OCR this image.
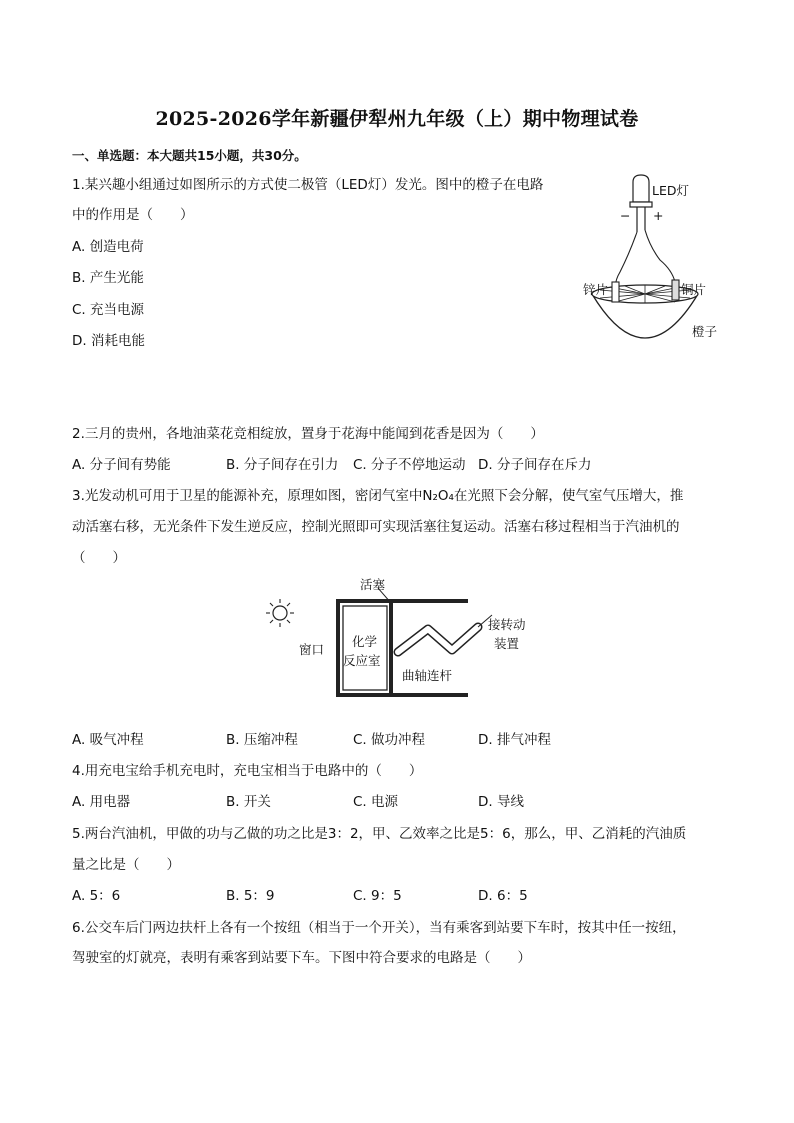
2025-2026学年新疆伊犁州九年级（上）期中物理试卷
一、单选题：本大题共15小题，共30分。
1.某兴趣小组通过如图所示的方式使二极管（LED灯）发光。图中的橙子在电路
中的作用是（　　）
A. 创造电荷
B. 产生光能
C. 充当电源
D. 消耗电能
LED灯
− +
锌片	铜片
橙子
2.三月的贵州，各地油菜花竞相绽放，置身于花海中能闻到花香是因为（　　）
A. 分子间有势能	B. 分子间存在引力 C. 分子不停地运动 D. 分子间存在斥力
3.光发动机可用于卫星的能源补充，原理如图，密闭气室中N₂O₄在光照下会分解，使气室气压增大，推
动活塞右移，无光条件下发生逆反应，控制光照即可实现活塞往复运动。活塞右移过程相当于汽油机的
（　　）
活塞
窗口
化学
反应室
曲轴连杆
接转动
装置
A. 吸气冲程	B. 压缩冲程	C. 做功冲程	D. 排气冲程
4.用充电宝给手机充电时，充电宝相当于电路中的（　　）
A. 用电器	B. 开关	C. 电源	D. 导线
5.两台汽油机，甲做的功与乙做的功之比是3：2，甲、乙效率之比是5：6，那么，甲、乙消耗的汽油质
量之比是（　　）
A. 5：6	B. 5：9	C. 9：5	D. 6：5
6.公交车后门两边扶杆上各有一个按纽（相当于一个开关），当有乘客到站要下车时，按其中任一按纽，
驾驶室的灯就亮，表明有乘客到站要下车。下图中符合要求的电路是（　　）
